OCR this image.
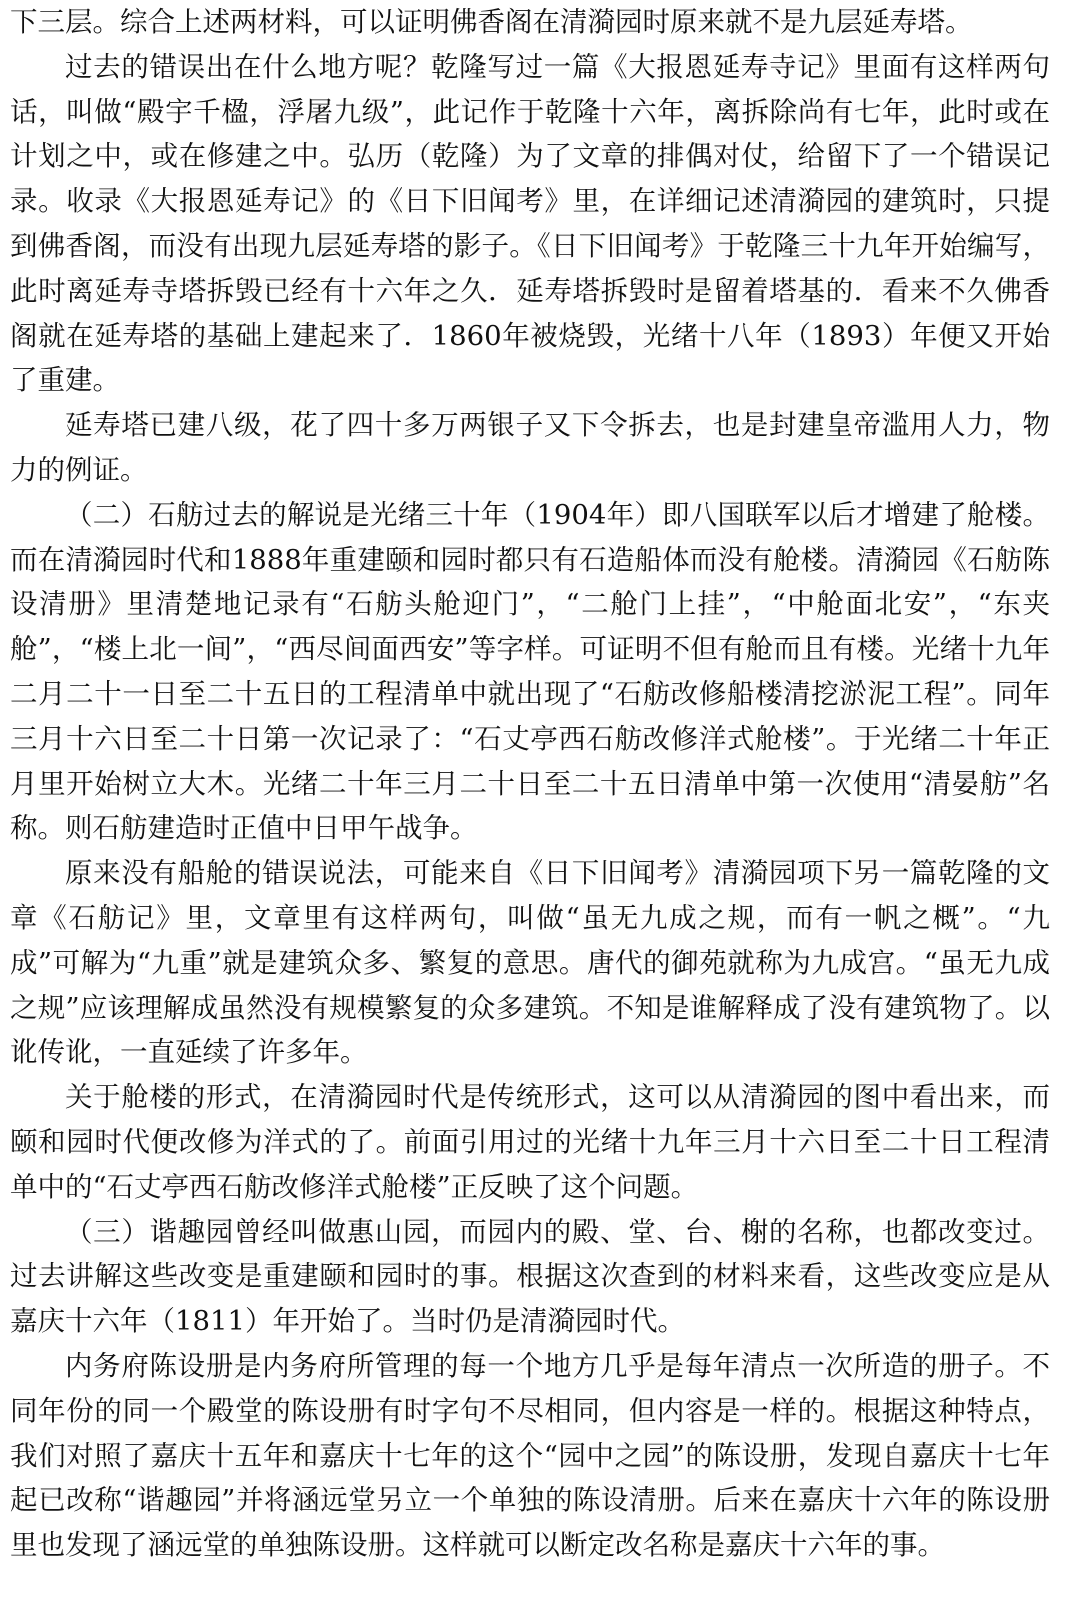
下三层。综合上述两材料，可以证明佛香阁在清漪园时原来就不是九层延寿塔。

过去的错误出在什么地方呢？乾隆写过一篇《大报恩延寿寺记》里面有这样两句话，叫做“殿宇千楹，浮屠九级”，此记作于乾隆十六年，离拆除尚有七年，此时或在计划之中，或在修建之中。弘历（乾隆）为了文章的排偶对仗，给留下了一个错误记录。收录《大报恩延寿记》的《日下旧闻考》里，在详细记述清漪园的建筑时，只提到佛香阁，而没有出现九层延寿塔的影子。《日下旧闻考》于乾隆三十九年开始编写，此时离延寿寺塔拆毁已经有十六年之久．延寿塔拆毁时是留着塔基的．看来不久佛香阁就在延寿塔的基础上建起来了．1860年被烧毁，光绪十八年（1893）年便又开始了重建。

延寿塔已建八级，花了四十多万两银子又下令拆去，也是封建皇帝滥用人力，物力的例证。

（二）石舫过去的解说是光绪三十年（1904年）即八国联军以后才增建了舱楼。而在清漪园时代和1888年重建颐和园时都只有石造船体而没有舱楼。清漪园《石舫陈设清册》里清楚地记录有“石舫头舱迎门”，“二舱门上挂”，“中舱面北安”，“东夹舱”，“楼上北一间”，“西尽间面西安”等字样。可证明不但有舱而且有楼。光绪十九年二月二十一日至二十五日的工程清单中就出现了“石舫改修船楼清挖淤泥工程”。同年三月十六日至二十日第一次记录了：“石丈亭西石舫改修洋式舱楼”。于光绪二十年正月里开始树立大木。光绪二十年三月二十日至二十五日清单中第一次使用“清晏舫”名称。则石舫建造时正值中日甲午战争。

原来没有船舱的错误说法，可能来自《日下旧闻考》清漪园项下另一篇乾隆的文章《石舫记》里，文章里有这样两句，叫做“虽无九成之规，而有一帆之概”。“九成”可解为“九重”就是建筑众多、繁复的意思。唐代的御苑就称为九成宫。“虽无九成之规”应该理解成虽然没有规模繁复的众多建筑。不知是谁解释成了没有建筑物了。以讹传讹，一直延续了许多年。

关于舱楼的形式，在清漪园时代是传统形式，这可以从清漪园的图中看出来，而颐和园时代便改修为洋式的了。前面引用过的光绪十九年三月十六日至二十日工程清单中的“石丈亭西石舫改修洋式舱楼”正反映了这个问题。

（三）谐趣园曾经叫做惠山园，而园内的殿、堂、台、榭的名称，也都改变过。过去讲解这些改变是重建颐和园时的事。根据这次查到的材料来看，这些改变应是从嘉庆十六年（1811）年开始了。当时仍是清漪园时代。

内务府陈设册是内务府所管理的每一个地方几乎是每年清点一次所造的册子。不同年份的同一个殿堂的陈设册有时字句不尽相同，但内容是一样的。根据这种特点，我们对照了嘉庆十五年和嘉庆十七年的这个“园中之园”的陈设册，发现自嘉庆十七年起已改称“谐趣园”并将涵远堂另立一个单独的陈设清册。后来在嘉庆十六年的陈设册里也发现了涵远堂的单独陈设册。这样就可以断定改名称是嘉庆十六年的事。
